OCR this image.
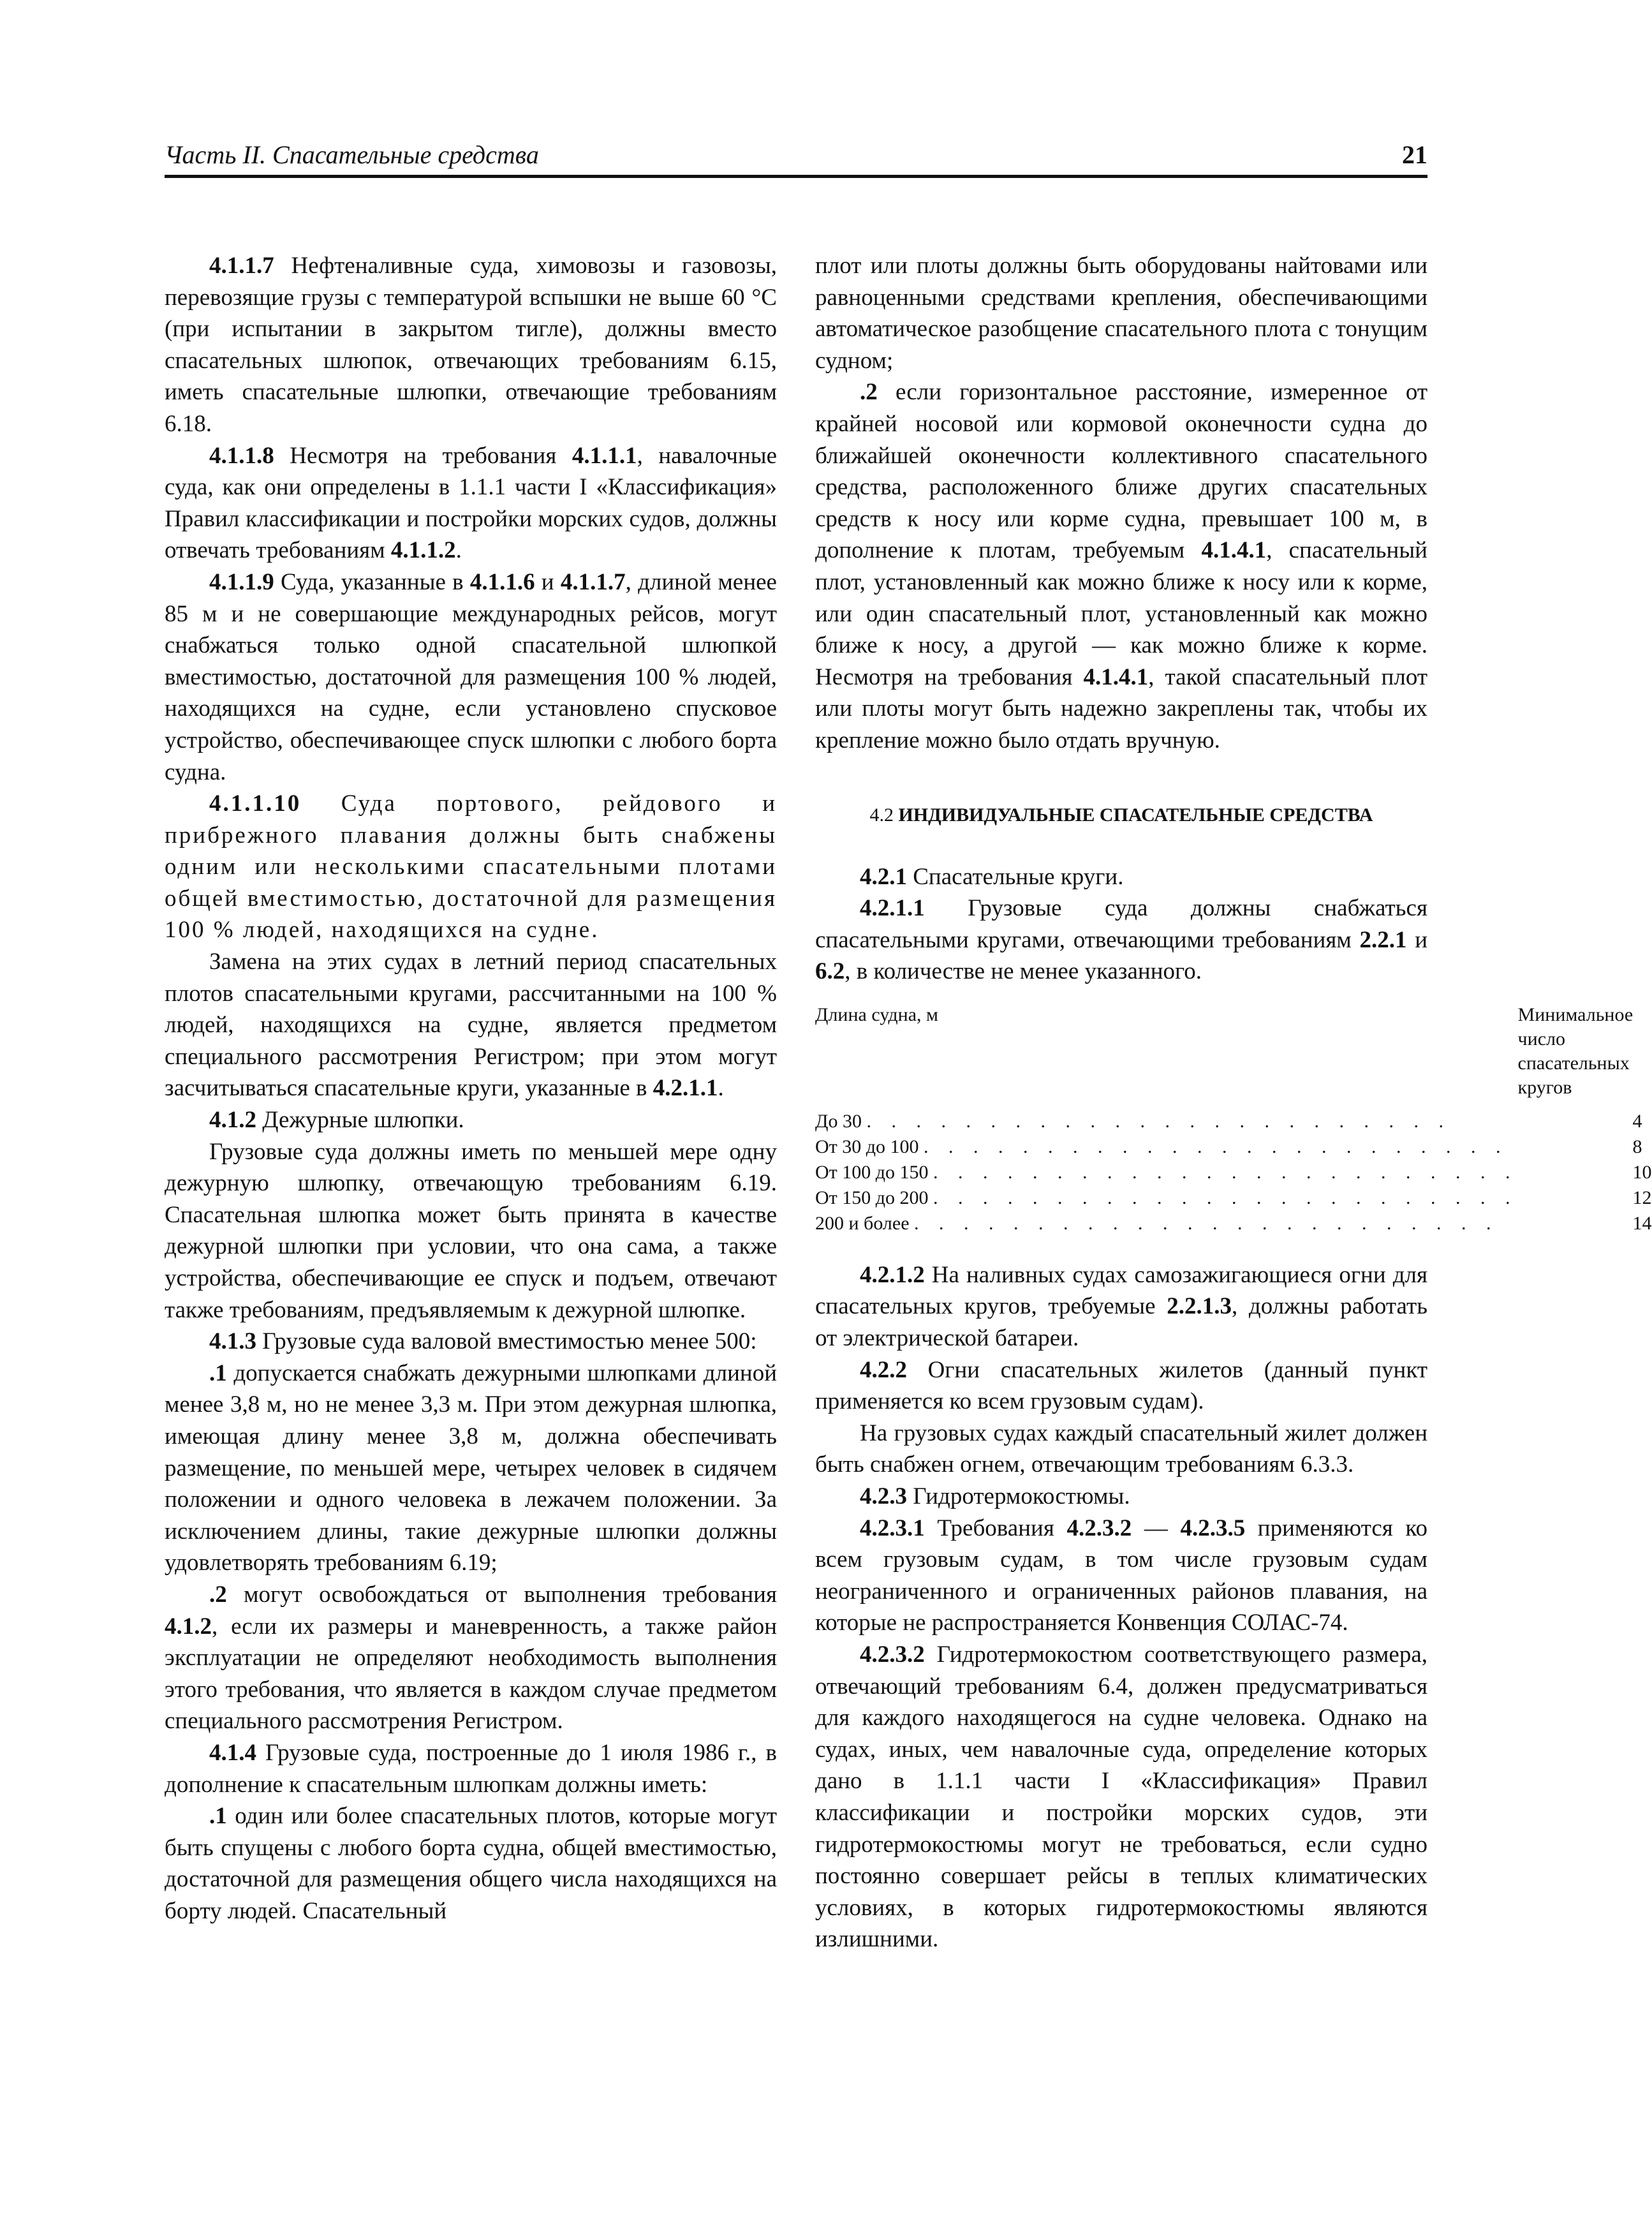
Часть II. Спасательные средства	21

4.1.1.7 Нефтеналивные суда, химовозы и газовозы, перевозящие грузы с температурой вспышки не выше 60 °С (при испытании в закрытом тигле), должны вместо спасательных шлюпок, отвечающих требованиям 6.15, иметь спасательные шлюпки, отвечающие требованиям 6.18.

4.1.1.8 Несмотря на требования 4.1.1.1, навалочные суда, как они определены в 1.1.1 части I «Классификация» Правил классификации и постройки морских судов, должны отвечать требованиям 4.1.1.2.

4.1.1.9 Суда, указанные в 4.1.1.6 и 4.1.1.7, длиной менее 85 м и не совершающие международных рейсов, могут снабжаться только одной спасательной шлюпкой вместимостью, достаточной для размещения 100 % людей, находящихся на судне, если установлено спусковое устройство, обеспечивающее спуск шлюпки с любого борта судна.

4.1.1.10 Суда портового, рейдового и прибрежного плавания должны быть снабжены одним или несколькими спасательными плотами общей вместимостью, достаточной для размещения 100 % людей, находящихся на судне.

Замена на этих судах в летний период спасательных плотов спасательными кругами, рассчитанными на 100 % людей, находящихся на судне, является предметом специального рассмотрения Регистром; при этом могут засчитываться спасательные круги, указанные в 4.2.1.1.

4.1.2 Дежурные шлюпки.

Грузовые суда должны иметь по меньшей мере одну дежурную шлюпку, отвечающую требованиям 6.19. Спасательная шлюпка может быть принята в качестве дежурной шлюпки при условии, что она сама, а также устройства, обеспечивающие ее спуск и подъем, отвечают также требованиям, предъявляемым к дежурной шлюпке.

4.1.3 Грузовые суда валовой вместимостью менее 500:

.1 допускается снабжать дежурными шлюпками длиной менее 3,8 м, но не менее 3,3 м. При этом дежурная шлюпка, имеющая длину менее 3,8 м, должна обеспечивать размещение, по меньшей мере, четырех человек в сидячем положении и одного человека в лежачем положении. За исключением длины, такие дежурные шлюпки должны удовлетворять требованиям 6.19;

.2 могут освобождаться от выполнения требования 4.1.2, если их размеры и маневренность, а также район эксплуатации не определяют необходимость выполнения этого требования, что является в каждом случае предметом специального рассмотрения Регистром.

4.1.4 Грузовые суда, построенные до 1 июля 1986 г., в дополнение к спасательным шлюпкам должны иметь:

.1 один или более спасательных плотов, которые могут быть спущены с любого борта судна, общей вместимостью, достаточной для размещения общего числа находящихся на борту людей. Спасательный

плот или плоты должны быть оборудованы найтовами или равноценными средствами крепления, обеспечивающими автоматическое разобщение спасательного плота с тонущим судном;

.2 если горизонтальное расстояние, измеренное от крайней носовой или кормовой оконечности судна до ближайшей оконечности коллективного спасательного средства, расположенного ближе других спасательных средств к носу или корме судна, превышает 100 м, в дополнение к плотам, требуемым 4.1.4.1, спасательный плот, установленный как можно ближе к носу или к корме, или один спасательный плот, установленный как можно ближе к носу, а другой — как можно ближе к корме. Несмотря на требования 4.1.4.1, такой спасательный плот или плоты могут быть надежно закреплены так, чтобы их крепление можно было отдать вручную.

4.2 ИНДИВИДУАЛЬНЫЕ СПАСАТЕЛЬНЫЕ СРЕДСТВА

4.2.1 Спасательные круги.

4.2.1.1 Грузовые суда должны снабжаться спасательными кругами, отвечающими требованиям 2.2.1 и 6.2, в количестве не менее указанного.

Длина судна, м	Минимальное число спасательных кругов
До 30 . . . . . . . . . . . . . . . . . . . . . . . .	4
От 30 до 100 . . . . . . . . . . . . . . . . . . . . . . . .	8
От 100 до 150 . . . . . . . . . . . . . . . . . . . . . . . .	10
От 150 до 200 . . . . . . . . . . . . . . . . . . . . . . . .	12
200 и более . . . . . . . . . . . . . . . . . . . . . . . .	14

4.2.1.2 На наливных судах самозажигающиеся огни для спасательных кругов, требуемые 2.2.1.3, должны работать от электрической батареи.

4.2.2 Огни спасательных жилетов (данный пункт применяется ко всем грузовым судам).

На грузовых судах каждый спасательный жилет должен быть снабжен огнем, отвечающим требованиям 6.3.3.

4.2.3 Гидротермокостюмы.

4.2.3.1 Требования 4.2.3.2 — 4.2.3.5 применяются ко всем грузовым судам, в том числе грузовым судам неограниченного и ограниченных районов плавания, на которые не распространяется Конвенция СОЛАС-74.

4.2.3.2 Гидротермокостюм соответствующего размера, отвечающий требованиям 6.4, должен предусматриваться для каждого находящегося на судне человека. Однако на судах, иных, чем навалочные суда, определение которых дано в 1.1.1 части I «Классификация» Правил классификации и постройки морских судов, эти гидротермокостюмы могут не требоваться, если судно постоянно совершает рейсы в теплых климатических условиях, в которых гидротермокостюмы являются излишними.
